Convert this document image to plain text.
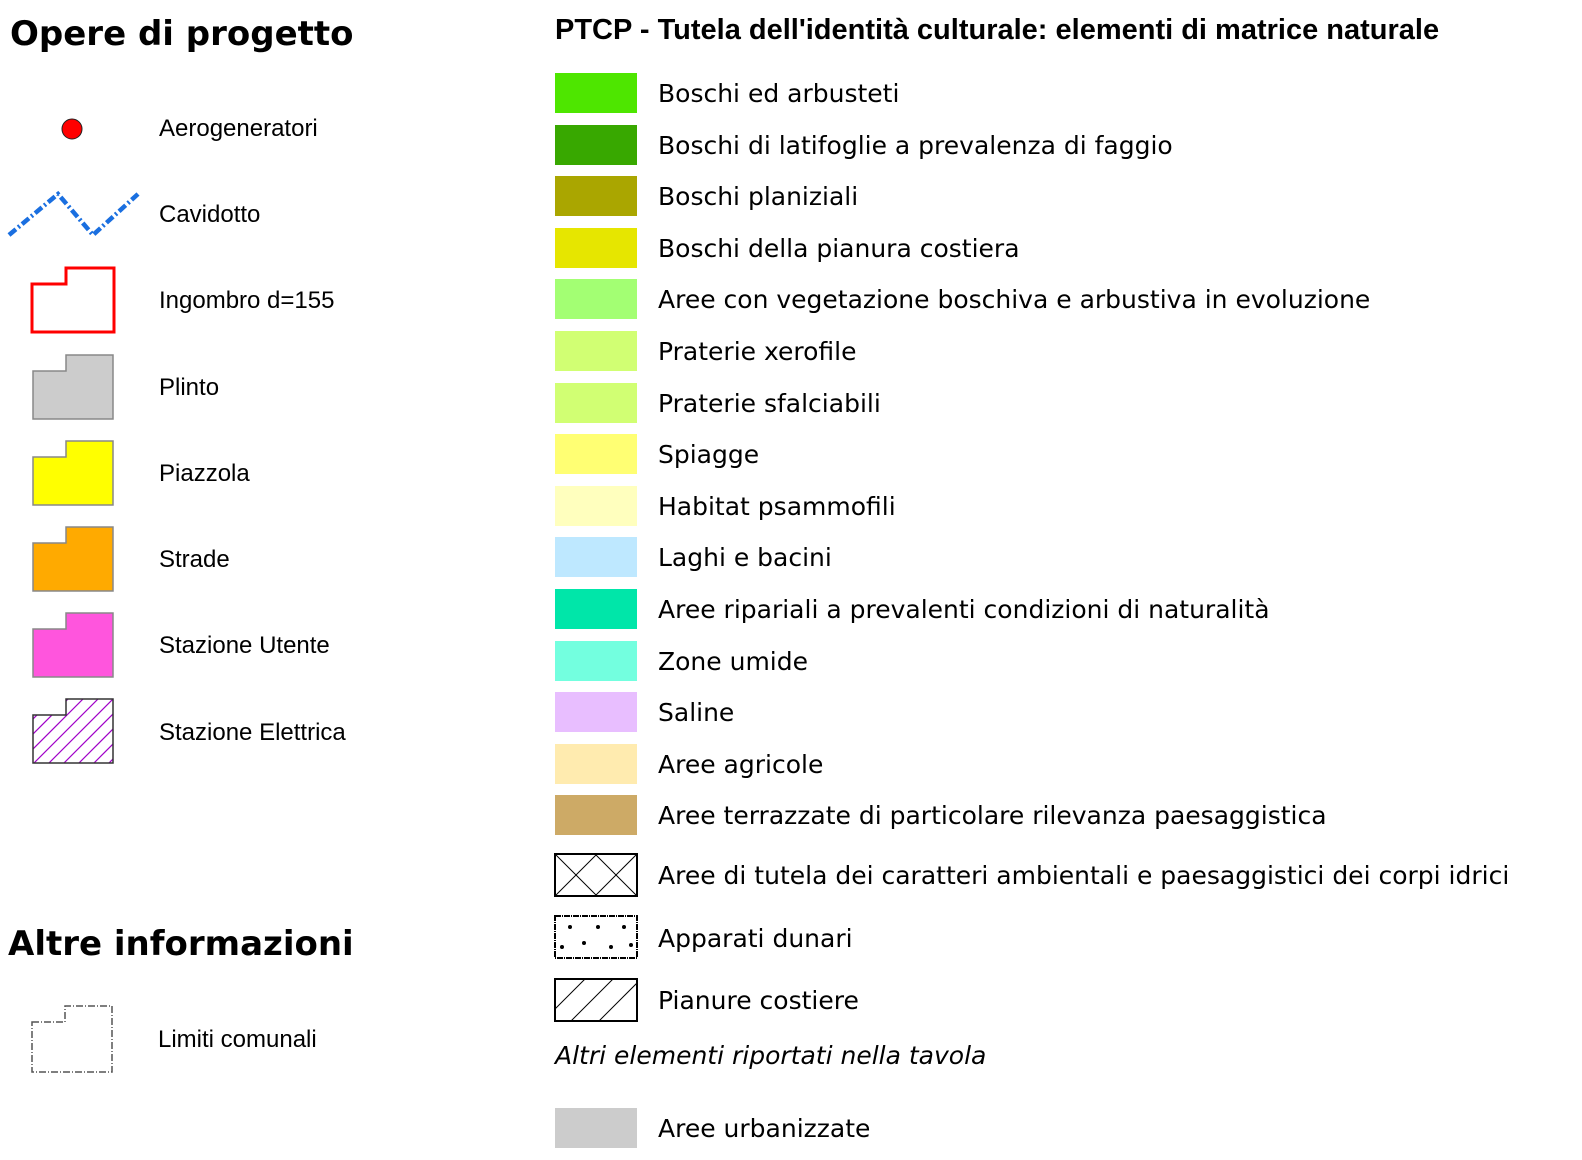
Opere di progetto
Aerogeneratori
Cavidotto
Ingombro d=155
Plinto
Piazzola
Strade
Stazione Utente
Stazione Elettrica
Altre informazioni
Limiti comunali
PTCP - Tutela dell'identità culturale: elementi di matrice naturale
Boschi ed arbusteti
Boschi di latifoglie a prevalenza di faggio
Boschi planiziali
Boschi della pianura costiera
Aree con vegetazione boschiva e arbustiva in evoluzione
Praterie xerofile
Praterie sfalciabili
Spiagge
Habitat psammofili
Laghi e bacini
Aree ripariali a prevalenti condizioni di naturalità
Zone umide
Saline
Aree agricole
Aree terrazzate di particolare rilevanza paesaggistica
Aree di tutela dei caratteri ambientali e paesaggistici dei corpi idrici
Apparati dunari
Pianure costiere
Altri elementi riportati nella tavola
Aree urbanizzate
